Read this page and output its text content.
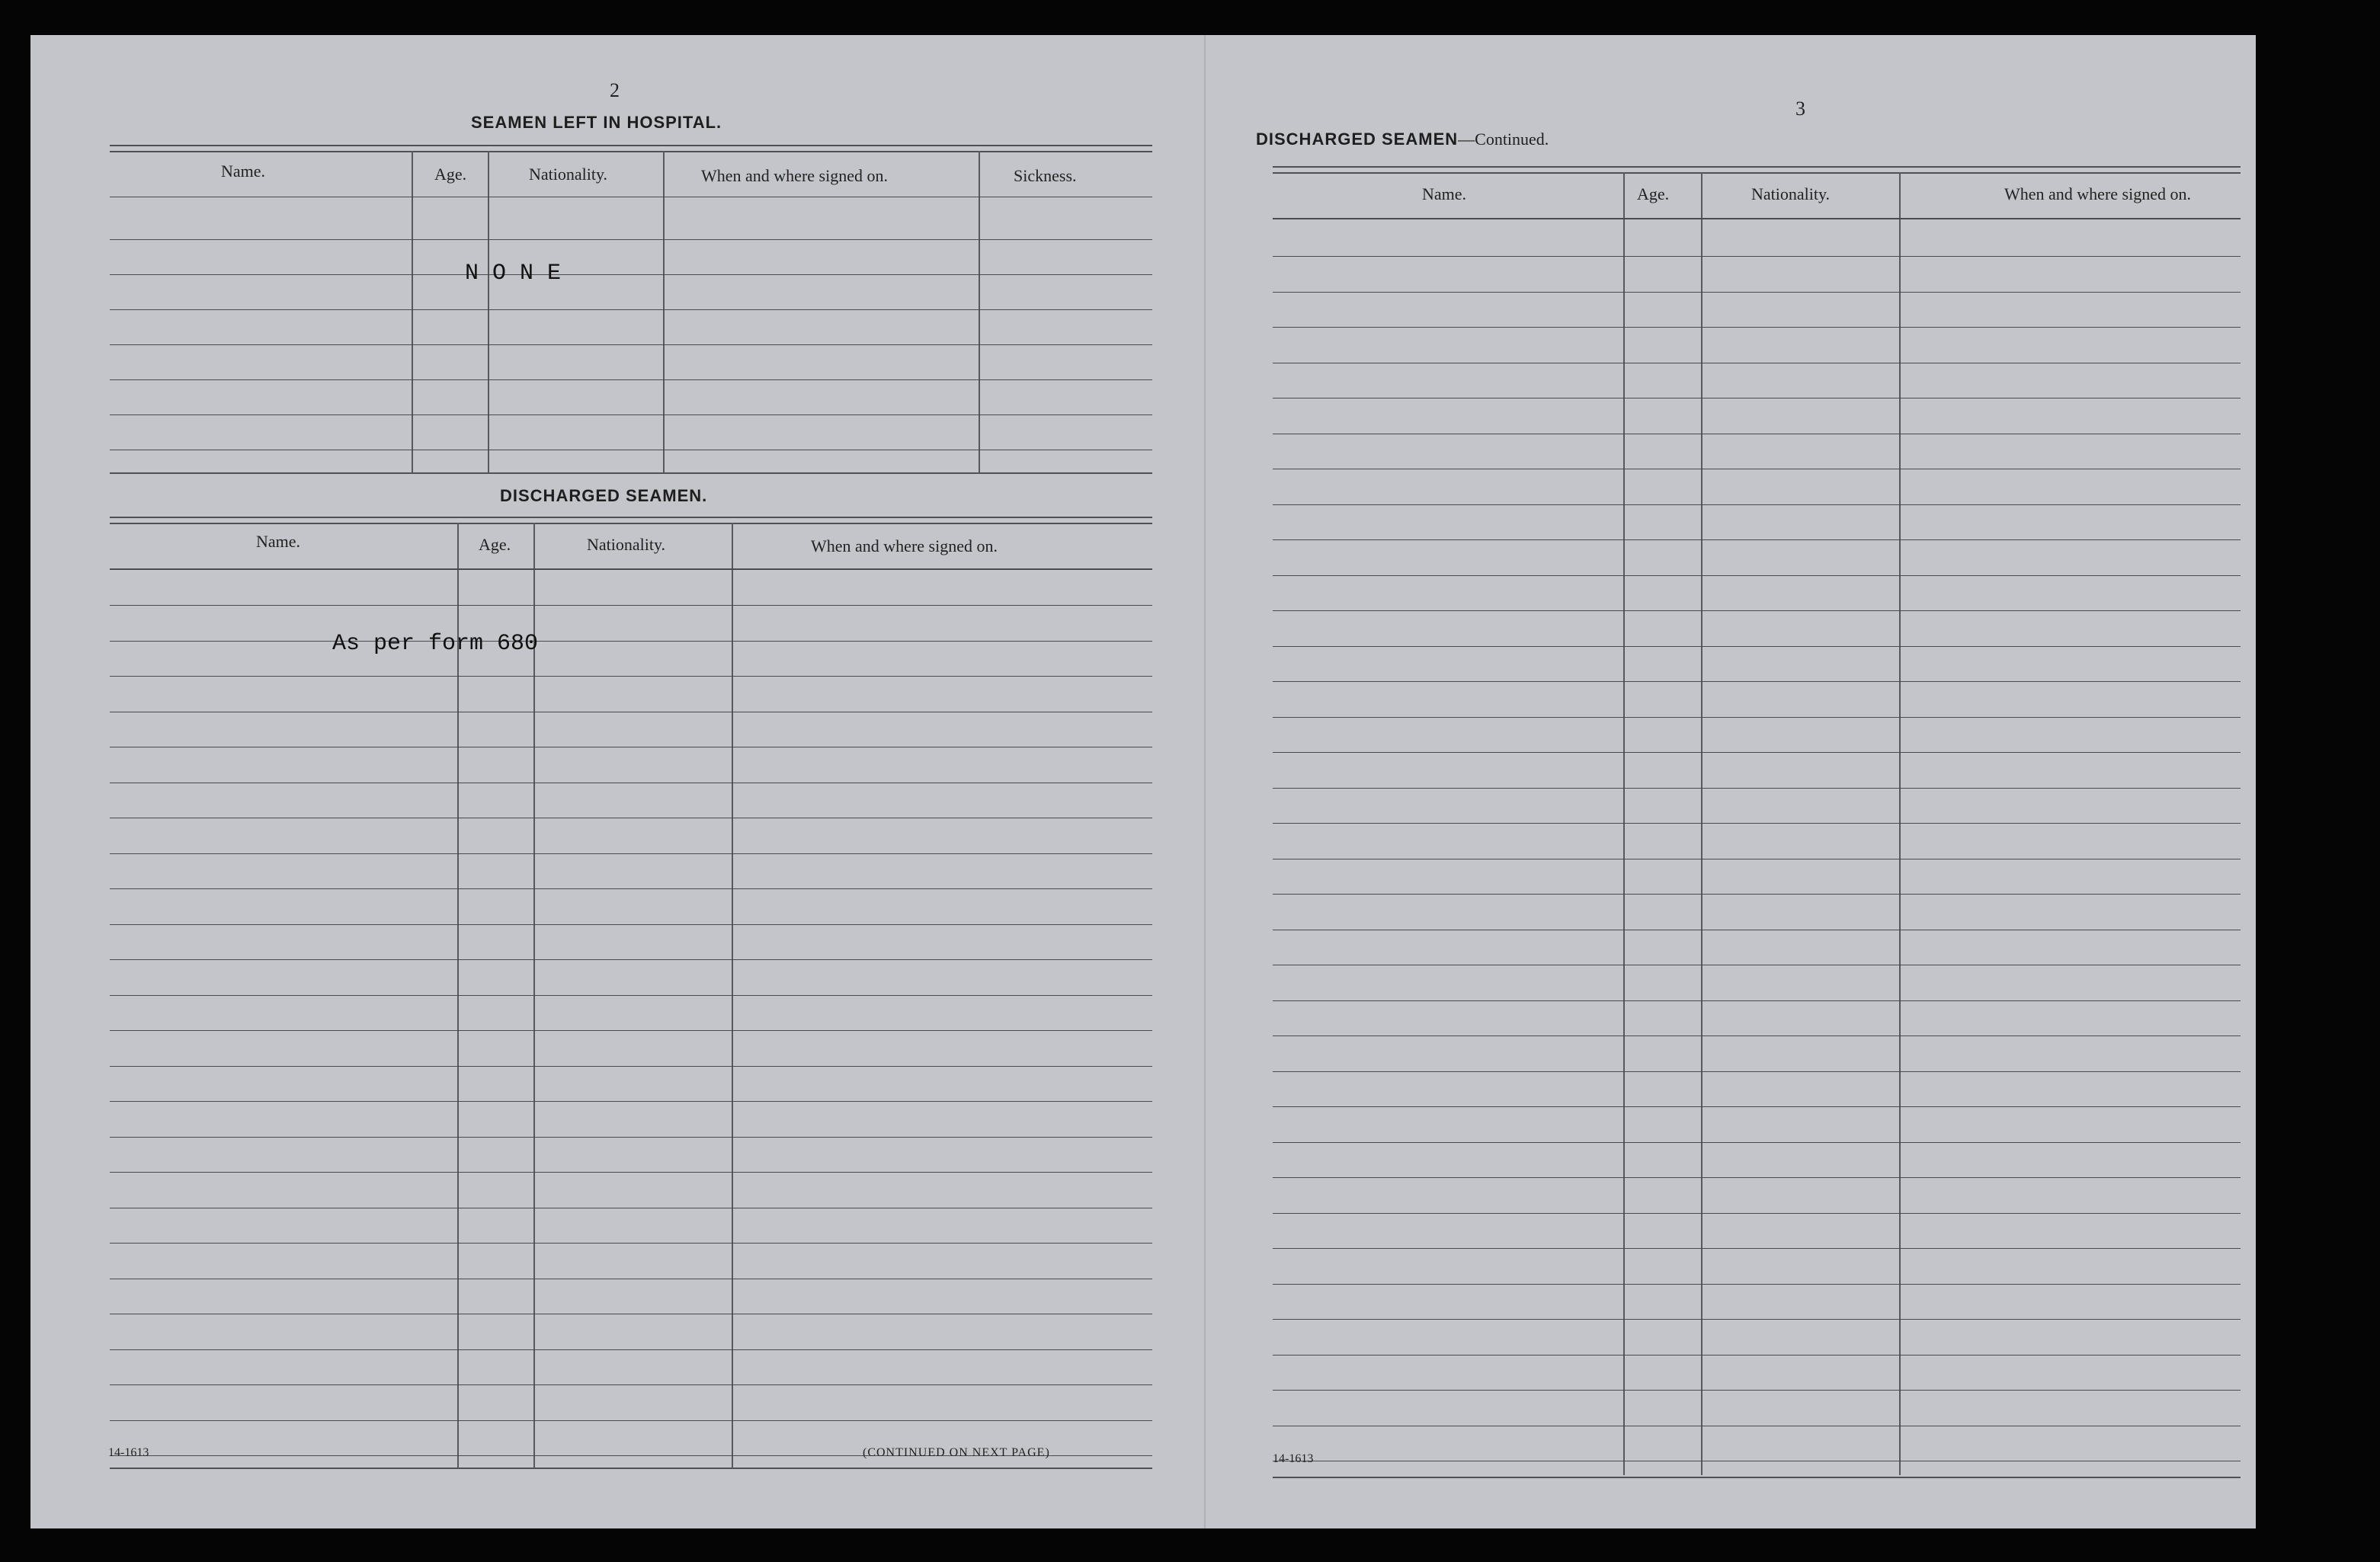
2
SEAMEN LEFT IN HOSPITAL.
Name.	Age.	Nationality.	When and where signed on.	Sickness.
N O N E
DISCHARGED SEAMEN.
Name.	Age.	Nationality.	When and where signed on.
As per form 680
14-1613	(CONTINUED ON NEXT PAGE)
3
DISCHARGED SEAMEN—Continued.
Name.	Age.	Nationality.	When and where signed on.
14-1613
